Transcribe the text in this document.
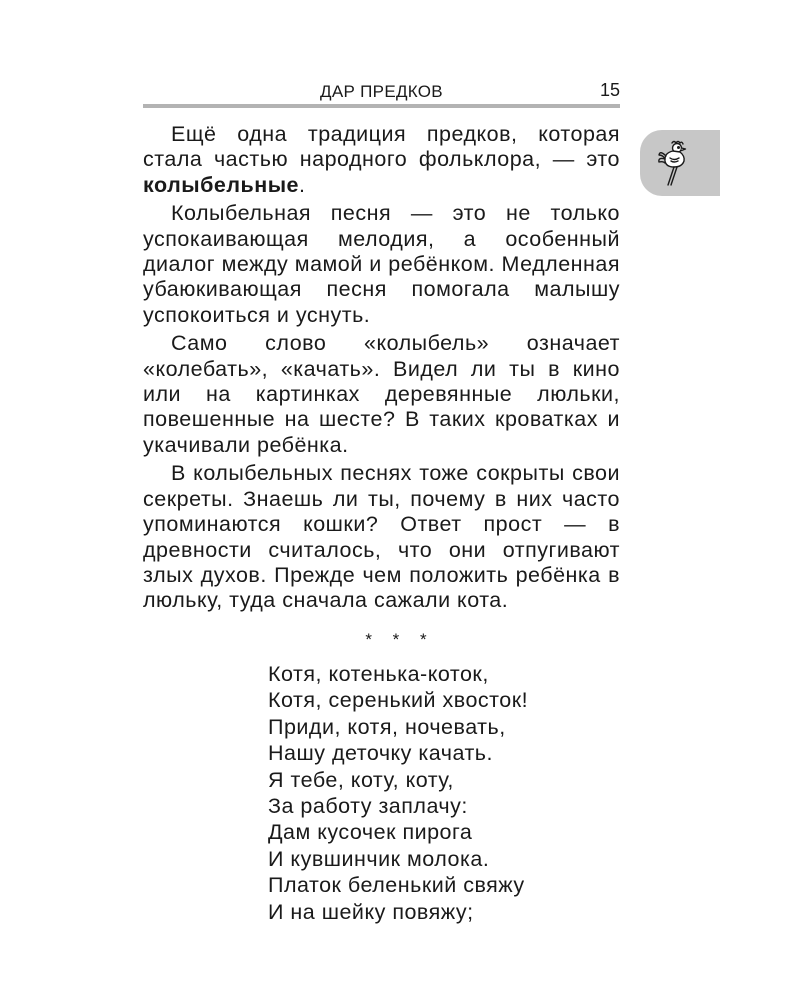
ДАР ПРЕДКОВ	15

Ещё одна традиция предков, которая стала частью народного фольклора, — это колыбельные.

Колыбельная песня — это не только успокаивающая мелодия, а особенный диалог между мамой и ребёнком. Медленная убаюкивающая песня помогала малышу успокоиться и уснуть.

Само слово «колыбель» означает «колебать», «качать». Видел ли ты в кино или на картинках деревянные люльки, повешенные на шесте? В таких кроватках и укачивали ребёнка.

В колыбельных песнях тоже сокрыты свои секреты. Знаешь ли ты, почему в них часто упоминаются кошки? Ответ прост — в древности считалось, что они отпугивают злых духов. Прежде чем положить ребёнка в люльку, туда сначала сажали кота.

* * *
Котя, котенька-коток,
Котя, серенький хвосток!
Приди, котя, ночевать,
Нашу деточку качать.
Я тебе, коту, коту,
За работу заплачу:
Дам кусочек пирога
И кувшинчик молока.
Платок беленький свяжу
И на шейку повяжу;
